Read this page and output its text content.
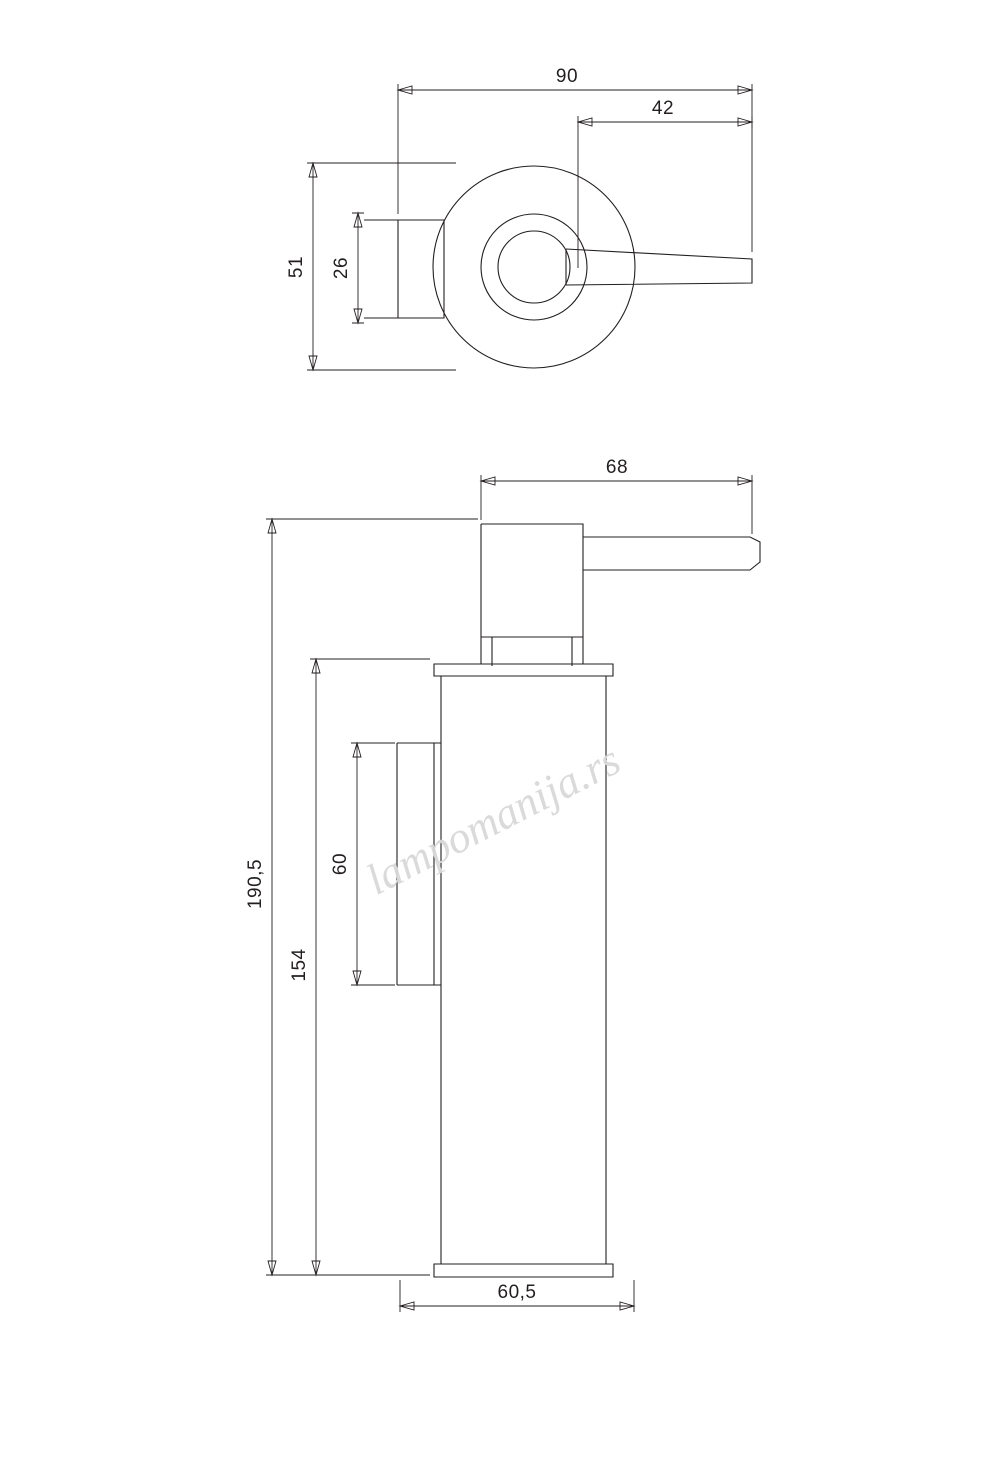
90
42
51 26
68
190,5
154
60
60,5
lampomanija.rs
